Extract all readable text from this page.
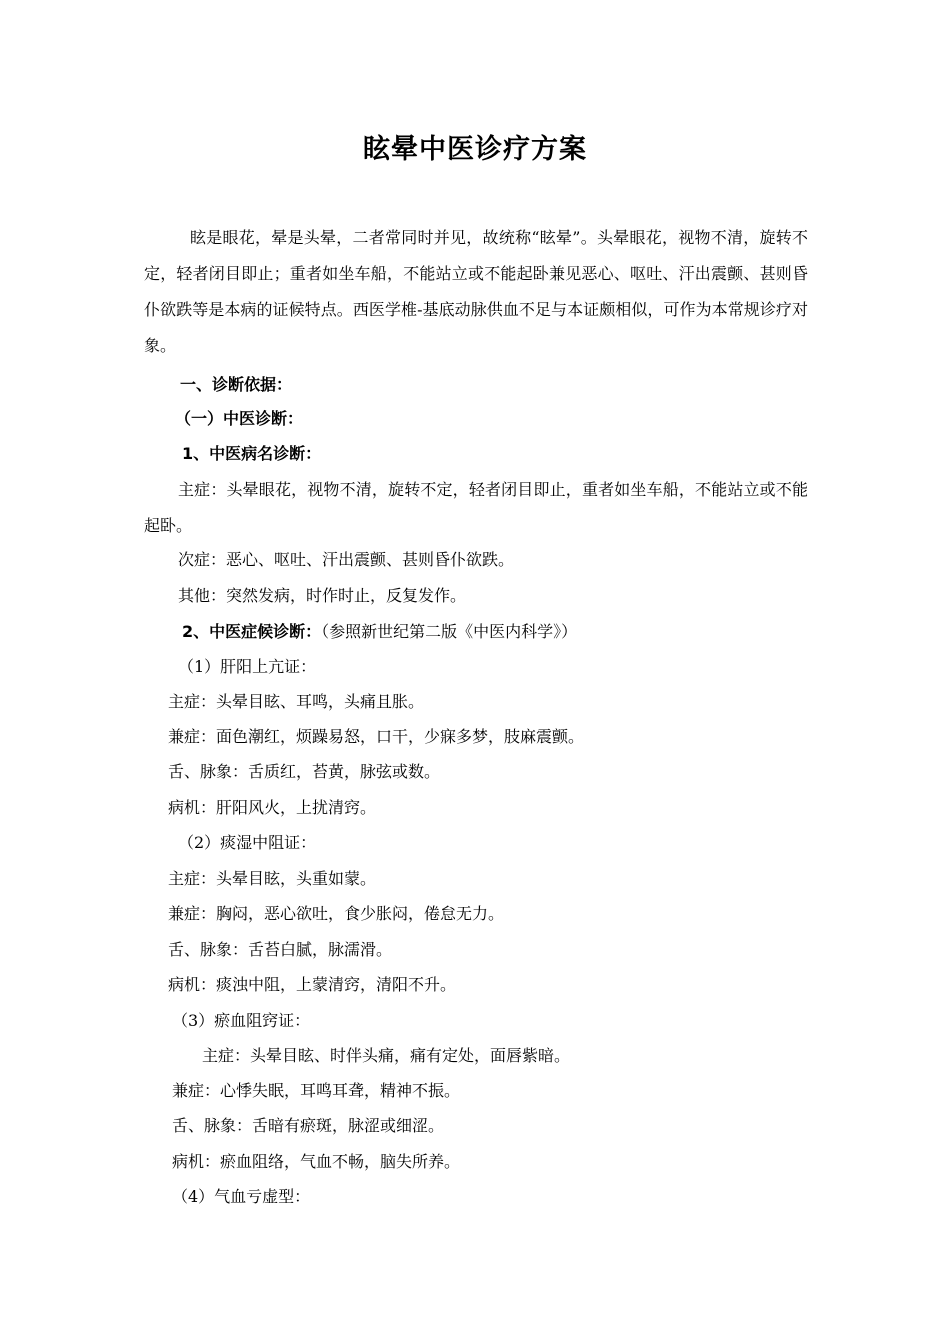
眩晕中医诊疗方案

眩是眼花，晕是头晕，二者常同时并见，故统称“眩晕”。头晕眼花，视物不清，旋转不定，轻者闭目即止；重者如坐车船，不能站立或不能起卧兼见恶心、呕吐、汗出震颤、甚则昏仆欲跌等是本病的证候特点。西医学椎-基底动脉供血不足与本证颇相似，可作为本常规诊疗对象。

一、诊断依据：
（一）中医诊断：
1、中医病名诊断：

主症：头晕眼花，视物不清，旋转不定，轻者闭目即止，重者如坐车船，不能站立或不能起卧。

次症：恶心、呕吐、汗出震颤、甚则昏仆欲跌。
其他：突然发病，时作时止，反复发作。
2、中医症候诊断：（参照新世纪第二版《中医内科学》）
（1）肝阳上亢证：
主症：头晕目眩、耳鸣，头痛且胀。
兼症：面色潮红，烦躁易怒，口干，少寐多梦，肢麻震颤。
舌、脉象：舌质红，苔黄，脉弦或数。
病机：肝阳风火，上扰清窍。
（2）痰湿中阻证：
主症：头晕目眩，头重如蒙。
兼症：胸闷，恶心欲吐，食少胀闷，倦怠无力。
舌、脉象：舌苔白腻，脉濡滑。
病机：痰浊中阻，上蒙清窍，清阳不升。
（3）瘀血阻窍证：
主症：头晕目眩、时伴头痛，痛有定处，面唇紫暗。
兼症：心悸失眠，耳鸣耳聋，精神不振。
舌、脉象：舌暗有瘀斑，脉涩或细涩。
病机：瘀血阻络，气血不畅，脑失所养。
（4）气血亏虚型：
